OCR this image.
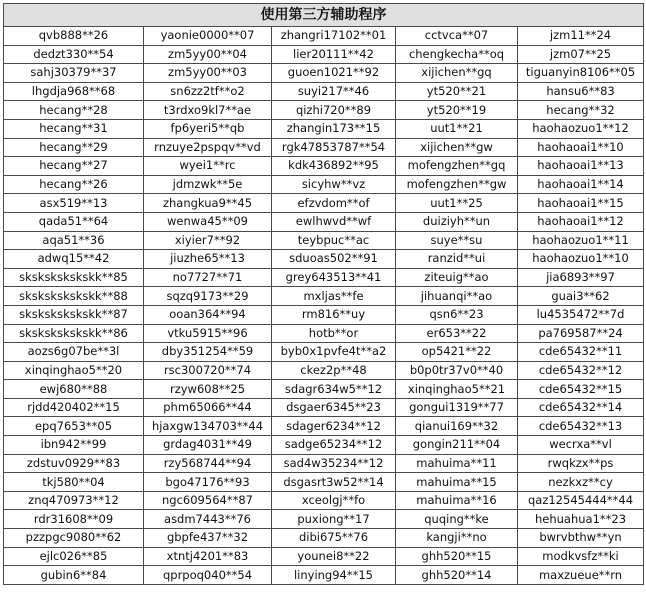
使用第三方辅助程序				
qvb888**26	yaonie0000**07	zhangri17102**01	cctvca**07	jzm11**24
dedzt330**54	zm5yy00**04	lier20111**42	chengkecha**oq	jzm07**25
sahj30379**37	zm5yy00**03	guoen1021**92	xijichen**gq	tiguanyin8106**05
lhgdja968**68	sn6zz2tf**o2	suyi217**46	yt520**21	hansu6**83
hecang**28	t3rdxo9kl7**ae	qizhi720**89	yt520**19	hecang**32
hecang**31	fp6yeri5**qb	zhangin173**15	uut1**21	haohaozuo1**12
hecang**29	rnzuye2pspqv**vd	rgk47853787**54	xijichen**gw	haohaoai1**10
hecang**27	wyei1**rc	kdk436892**95	mofengzhen**gq	haohaoai1**13
hecang**26	jdmzwk**5e	sicyhw**vz	mofengzhen**gw	haohaoai1**14
asx519**13	zhangkua9**45	efzvdom**of	uut1**25	haohaoai1**15
qada51**64	wenwa45**09	ewlhwvd**wf	duiziyh**un	haohaoai1**12
aqa51**36	xiyier7**92	teybpuc**ac	suye**su	haohaozuo1**11
adwq15**42	jiuzhe65**13	sduoas502**91	ranzid**ui	haohaozuo1**10
skskskskskskk**85	no7727**71	grey643513**41	ziteuig**ao	jia6893**97
skskskskskskk**88	sqzq9173**29	mxljas**fe	jihuanqi**ao	guai3**62
skskskskskskk**87	ooan364**94	rm816**uy	qsn6**23	lu4535472**7d
skskskskskskk**86	vtku5915**96	hotb**or	er653**22	pa769587**24
aozs6g07be**3l	dby351254**59	byb0x1pvfe4t**a2	op5421**22	cde65432**11
xinqinghao5**20	rsc300720**74	ckez2p**48	b0p0tr37v0**40	cde65432**12
ewj680**88	rzyw608**25	sdagr634w5**12	xinqinghao5**21	cde65432**15
rjdd420402**15	phm65066**44	dsgaer6345**23	gongui1319**77	cde65432**14
epq7653**05	hjaxgw134703**44	sdager6234**12	qianui169**32	cde65432**13
ibn942**99	grdag4031**49	sadge65234**12	gongin211**04	wecrxa**vl
zdstuv0929**83	rzy568744**94	sad4w35234**12	mahuima**11	rwqkzx**ps
tkj580**04	bgo47176**93	dsgasrt3w52**14	mahuima**15	nezkxz**cy
znq470973**12	ngc609564**87	xceolgj**fo	mahuima**16	qaz12545444**44
rdr31608**09	asdm7443**76	puxiong**17	quqing**ke	hehuahua1**23
pzzpgc9080**62	gbpfe437**32	dibi675**76	kangji**no	bwrvbthw**yn
ejlc026**85	xtntj4201**83	younei8**22	ghh520**15	modkvsfz**ki
gubin6**84	qprpoq040**54	linying94**15	ghh520**14	maxzueue**rn
